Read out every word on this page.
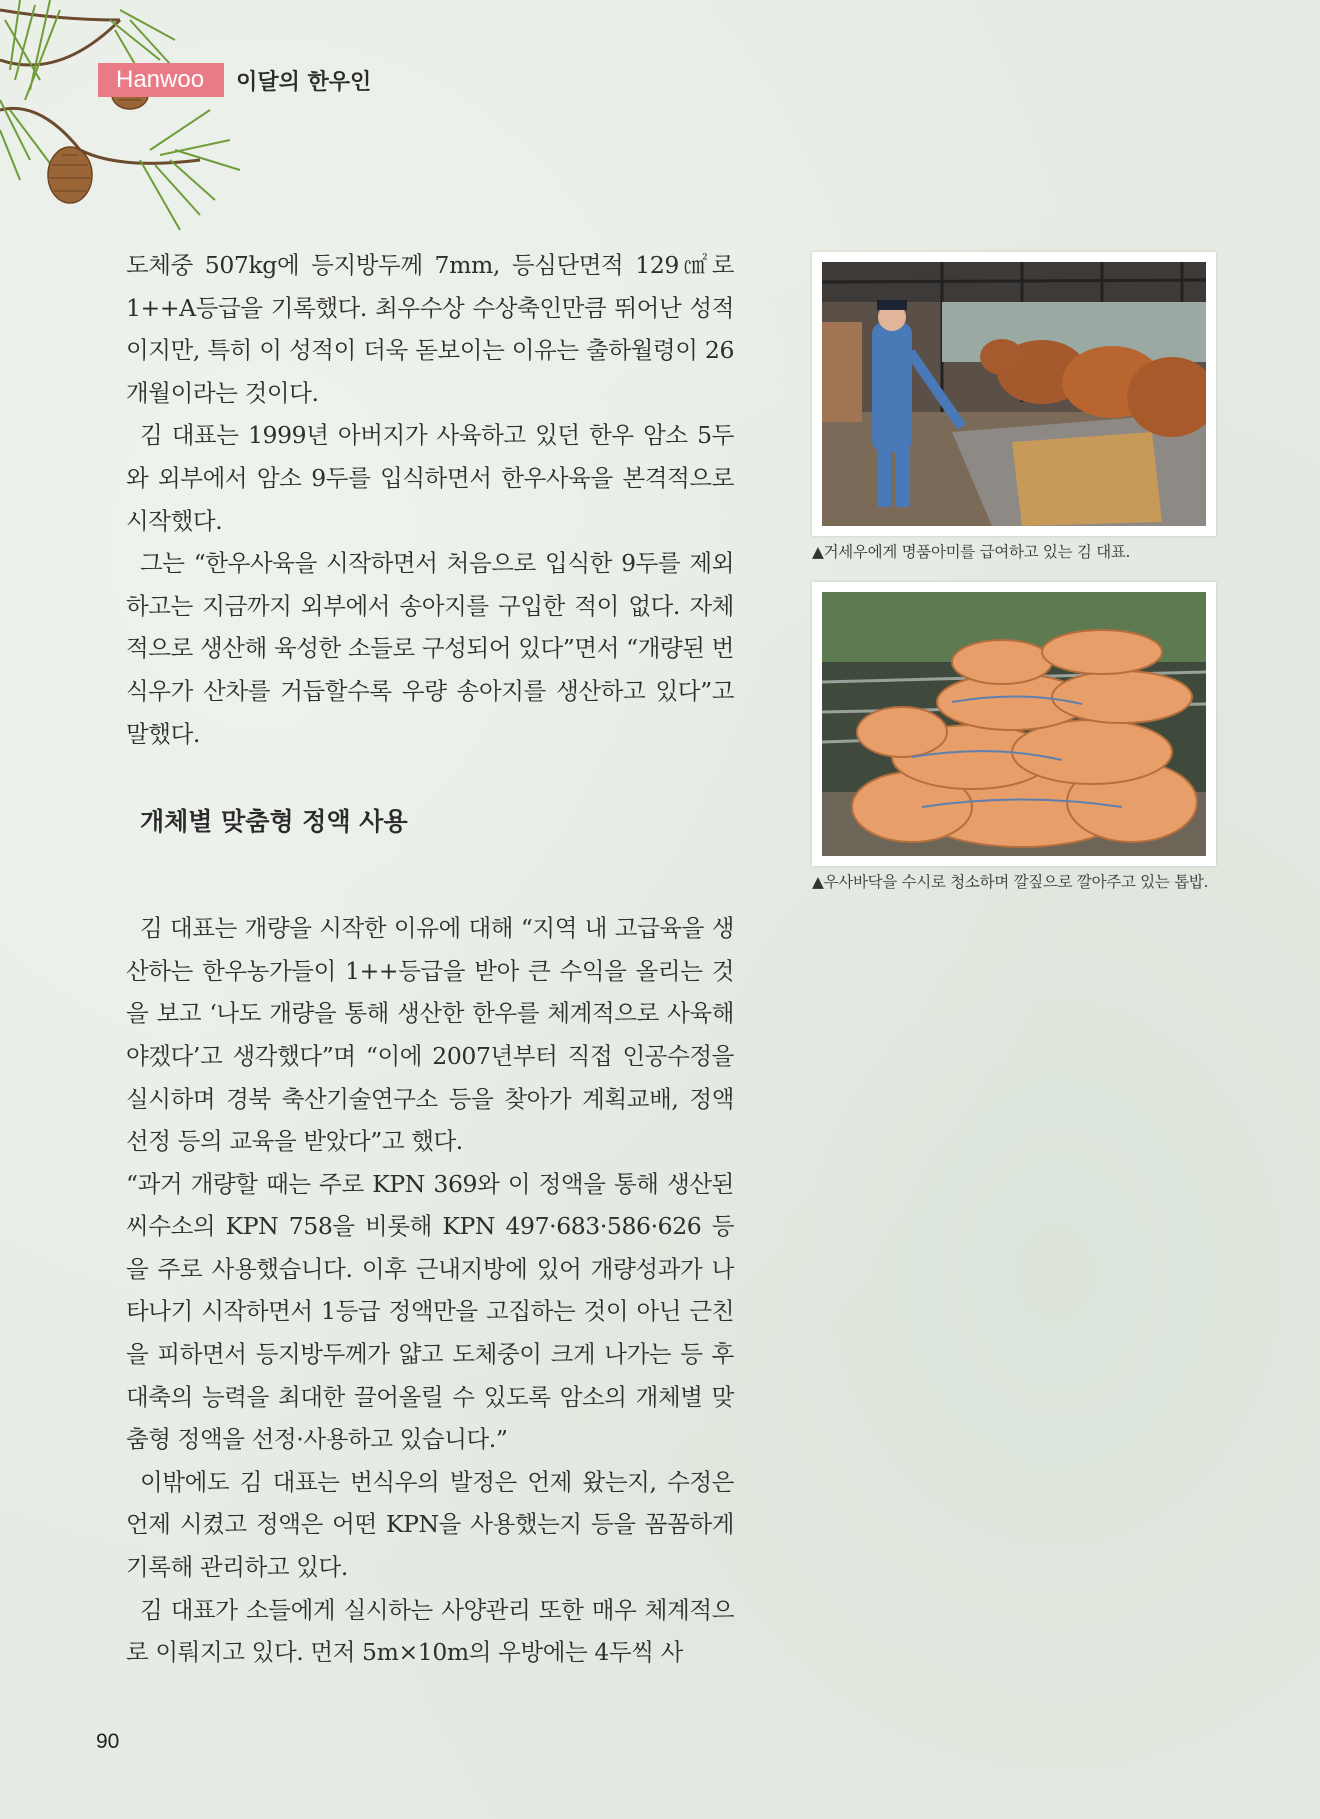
Hanwoo	이달의 한우인

도체중 507kg에 등지방두께 7mm, 등심단면적 129㎠로 1++A등급을 기록했다. 최우수상 수상축인만큼 뛰어난 성적이지만, 특히 이 성적이 더욱 돋보이는 이유는 출하월령이 26개월이라는 것이다.

김 대표는 1999년 아버지가 사육하고 있던 한우 암소 5두와 외부에서 암소 9두를 입식하면서 한우사육을 본격적으로 시작했다.

그는 “한우사육을 시작하면서 처음으로 입식한 9두를 제외하고는 지금까지 외부에서 송아지를 구입한 적이 없다. 자체적으로 생산해 육성한 소들로 구성되어 있다”면서 “개량된 번식우가 산차를 거듭할수록 우량 송아지를 생산하고 있다”고 말했다.

개체별 맞춤형 정액 사용

김 대표는 개량을 시작한 이유에 대해 “지역 내 고급육을 생산하는 한우농가들이 1++등급을 받아 큰 수익을 올리는 것을 보고 ‘나도 개량을 통해 생산한 한우를 체계적으로 사육해야겠다’고 생각했다”며 “이에 2007년부터 직접 인공수정을 실시하며 경북 축산기술연구소 등을 찾아가 계획교배, 정액 선정 등의 교육을 받았다”고 했다.

“과거 개량할 때는 주로 KPN 369와 이 정액을 통해 생산된 씨수소의 KPN 758을 비롯해 KPN 497·683·586·626 등을 주로 사용했습니다. 이후 근내지방에 있어 개량성과가 나타나기 시작하면서 1등급 정액만을 고집하는 것이 아닌 근친을 피하면서 등지방두께가 얇고 도체중이 크게 나가는 등 후대축의 능력을 최대한 끌어올릴 수 있도록 암소의 개체별 맞춤형 정액을 선정·사용하고 있습니다.”

이밖에도 김 대표는 번식우의 발정은 언제 왔는지, 수정은 언제 시켰고 정액은 어떤 KPN을 사용했는지 등을 꼼꼼하게 기록해 관리하고 있다.

김 대표가 소들에게 실시하는 사양관리 또한 매우 체계적으로 이뤄지고 있다. 먼저 5m×10m의 우방에는 4두씩 사

▲거세우에게 명품아미를 급여하고 있는 김 대표.
▲우사바닥을 수시로 청소하며 깔짚으로 깔아주고 있는 톱밥.
90
